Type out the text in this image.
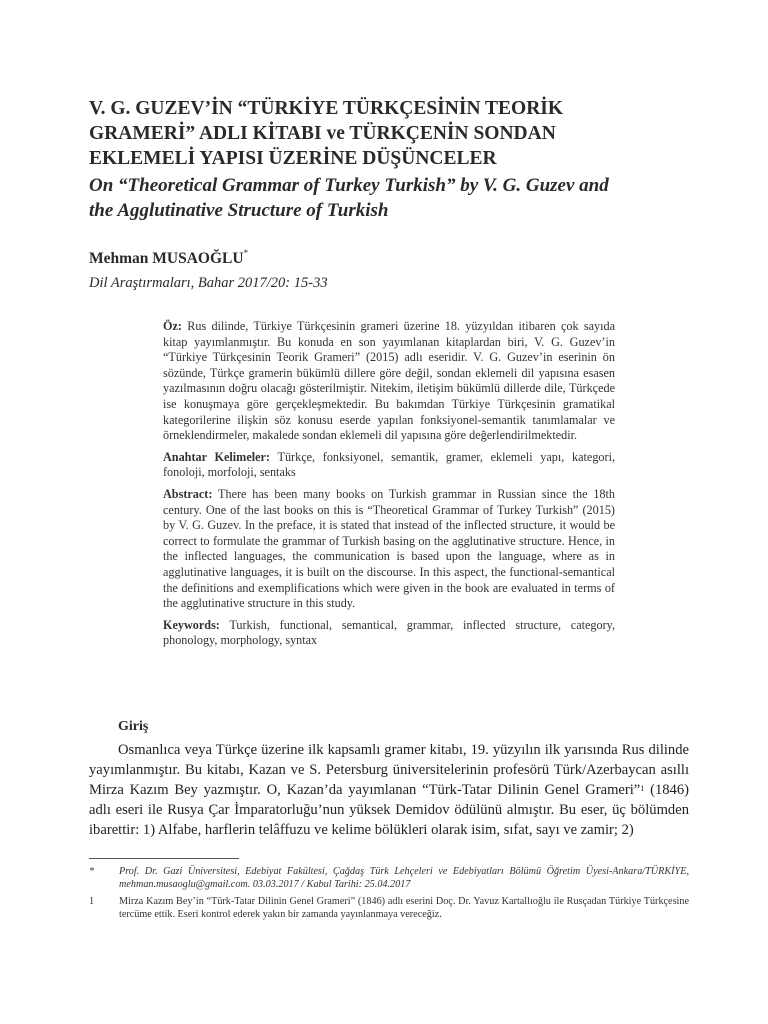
V. G. GUZEV’İN “TÜRKİYE TÜRKÇESİNİN TEORİK
GRAMERİ” ADLI KİTABI ve TÜRKÇENİN SONDAN
EKLEMELİ YAPISI ÜZERİNE DÜŞÜNCELER
On “Theoretical Grammar of Turkey Turkish” by V. G. Guzev and
the Agglutinative Structure of Turkish
Mehman MUSAOĞLU*
Dil Araştırmaları, Bahar 2017/20: 15-33

Öz: Rus dilinde, Türkiye Türkçesinin grameri üzerine 18. yüzyıldan itibaren çok sayıda kitap yayımlanmıştır. Bu konuda en son yayımlanan kitaplardan biri, V. G. Guzev’in “Türkiye Türkçesinin Teorik Grameri” (2015) adlı eseridir. V. G. Guzev’in eserinin ön sözünde, Türkçe gramerin bükümlü dillere göre değil, sondan eklemeli dil yapısına esasen yazılmasının doğru olacağı gösterilmiştir. Nitekim, iletişim bükümlü dillerde dile, Türkçede ise konuşmaya göre gerçekleşmektedir. Bu bakımdan Türkiye Türkçesinin gramatikal kategorilerine ilişkin söz konusu eserde yapılan fonksiyonel-semantik tanımlamalar ve örneklendirmeler, makalede sondan eklemeli dil yapısına göre değerlendirilmektedir.

Anahtar Kelimeler: Türkçe, fonksiyonel, semantik, gramer, eklemeli yapı, kategori, fonoloji, morfoloji, sentaks

Abstract: There has been many books on Turkish grammar in Russian since the 18th century. One of the last books on this is “Theoretical Grammar of Turkey Turkish” (2015) by V. G. Guzev. In the preface, it is stated that instead of the inflected structure, it would be correct to formulate the grammar of Turkish basing on the agglutinative structure. Hence, in the inflected languages, the communication is based upon the language, where as in agglutinative languages, it is built on the discourse. In this aspect, the functional-semantical the definitions and exemplifications which were given in the book are evaluated in terms of the agglutinative structure in this study.

Keywords: Turkish, functional, semantical, grammar, inflected structure, category, phonology, morphology, syntax

Giriş

Osmanlıca veya Türkçe üzerine ilk kapsamlı gramer kitabı, 19. yüzyılın ilk yarısında Rus dilinde yayımlanmıştır. Bu kitabı, Kazan ve S. Petersburg üniversitelerinin profesörü Türk/Azerbaycan asıllı Mirza Kazım Bey yazmıştır. O, Kazan’da yayımlanan “Türk-Tatar Dilinin Genel Grameri”$^1$ (1846) adlı eseri ile Rusya Çar İmparatorluğu’nun yüksek Demidov ödülünü almıştır. Bu eser, üç bölümden ibarettir: 1) Alfabe, harflerin telâffuzu ve kelime bölükleri olarak isim, sıfat, sayı ve zamir; 2)

* Prof. Dr. Gazi Üniversitesi, Edebiyat Fakültesi, Çağdaş Türk Lehçeleri ve Edebiyatları Bölümü Öğretim Üyesi-Ankara/TÜRKİYE, mehman.musaoglu@gmail.com. 03.03.2017 / Kabul Tarihi: 25.04.2017
1 Mirza Kazım Bey’in “Türk-Tatar Dilinin Genel Grameri” (1846) adlı eserini Doç. Dr. Yavuz Kartallıoğlu ile Rusçadan Türkiye Türkçesine tercüme ettik. Eseri kontrol ederek yakın bir zamanda yayınlanmaya vereceğiz.
